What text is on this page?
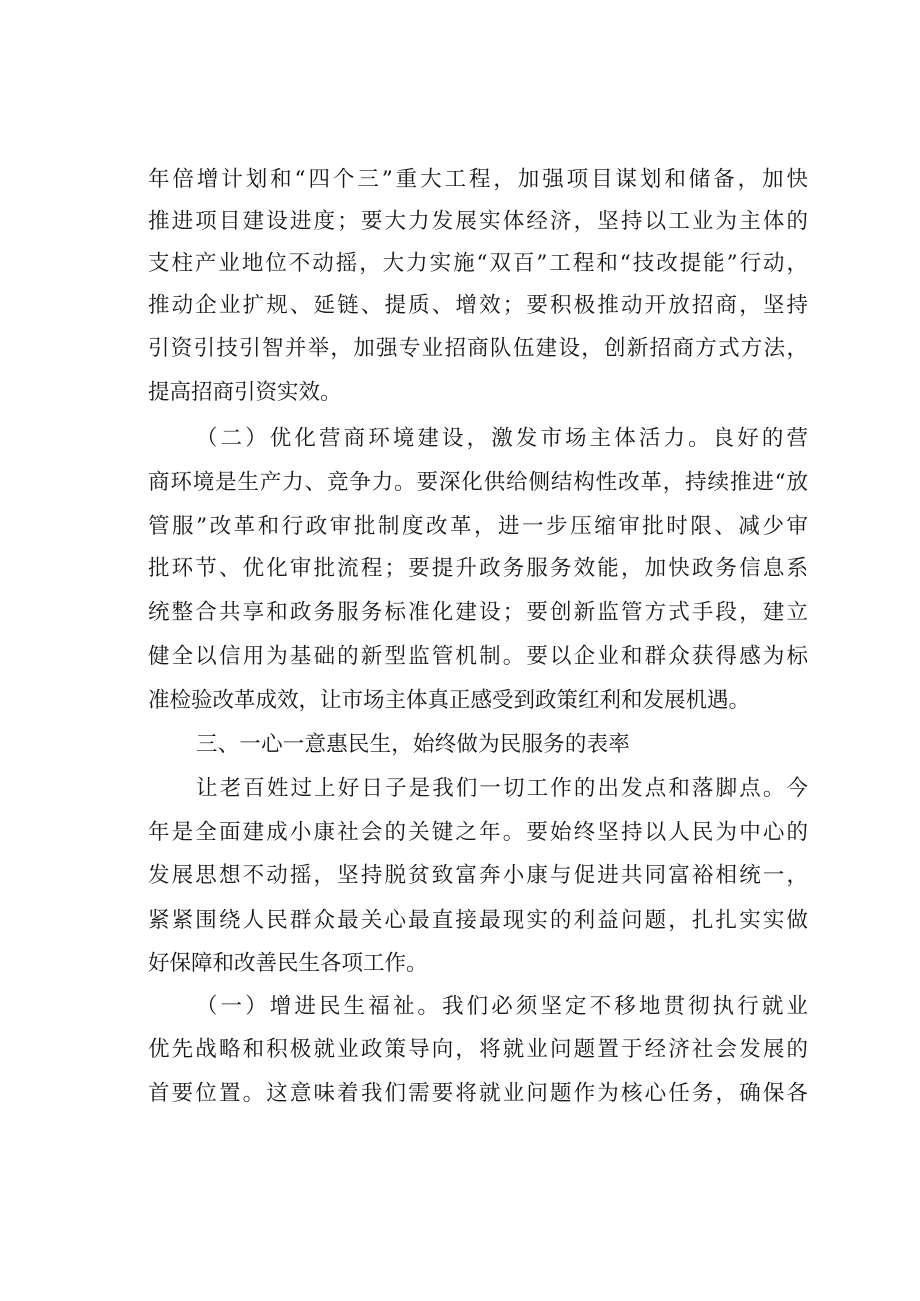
年倍增计划和“四个三”重大工程，加强项目谋划和储备，加快
推进项目建设进度；要大力发展实体经济，坚持以工业为主体的
支柱产业地位不动摇，大力实施“双百”工程和“技改提能”行动，
推动企业扩规、延链、提质、增效；要积极推动开放招商，坚持
引资引技引智并举，加强专业招商队伍建设，创新招商方式方法，
提高招商引资实效。
（二）优化营商环境建设，激发市场主体活力。良好的营
商环境是生产力、竞争力。要深化供给侧结构性改革，持续推进“放
管服”改革和行政审批制度改革，进一步压缩审批时限、减少审
批环节、优化审批流程；要提升政务服务效能，加快政务信息系
统整合共享和政务服务标准化建设；要创新监管方式手段，建立
健全以信用为基础的新型监管机制。要以企业和群众获得感为标
准检验改革成效，让市场主体真正感受到政策红利和发展机遇。
三、一心一意惠民生，始终做为民服务的表率
让老百姓过上好日子是我们一切工作的出发点和落脚点。今
年是全面建成小康社会的关键之年。要始终坚持以人民为中心的
发展思想不动摇，坚持脱贫致富奔小康与促进共同富裕相统一，
紧紧围绕人民群众最关心最直接最现实的利益问题，扎扎实实做
好保障和改善民生各项工作。
（一）增进民生福祉。我们必须坚定不移地贯彻执行就业
优先战略和积极就业政策导向，将就业问题置于经济社会发展的
首要位置。这意味着我们需要将就业问题作为核心任务，确保各
